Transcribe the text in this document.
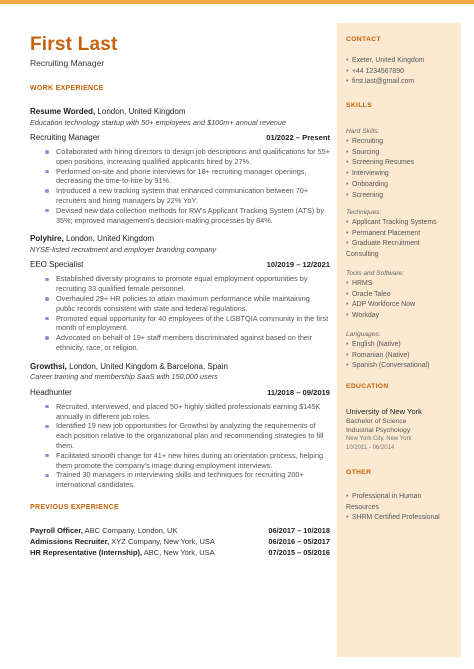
First Last
Recruiting Manager
WORK EXPERIENCE
Resume Worded, London, United Kingdom
Education technology startup with 50+ employees and $100m+ annual revenue
Recruiting Manager	01/2022 – Present
Collaborated with hiring directors to design job descriptions and qualifications for 55+ open positions, increasing qualified applicants hired by 27%.
Performed on-site and phone interviews for 18+ recruiting manager openings, decreasing the time-to-hire by 91%.
Introduced a new tracking system that enhanced communication between 70+ recruiters and hiring managers by 22% YoY.
Devised new data collection methods for RW's Applicant Tracking System (ATS) by 35%; improved management's decision-making processes by 84%.
Polyhire, London, United Kingdom
NYSE-listed recruitment and employer branding company
EEO Specialist	10/2019 – 12/2021
Established diversity programs to promote equal employment opportunities by recruiting 33 qualified female personnel.
Overhauled 29+ HR policies to attain maximum performance while maintaining public records consistent with state and federal regulations.
Promoted equal opportunity for 40 employees of the LGBTQIA community in the first month of employment.
Advocated on behalf of 19+ staff members discriminated against based on their ethnicity, race, or religion.
Growthsi, London, United Kingdom & Barcelona, Spain
Career training and membership SaaS with 150,000 users
Headhunter	11/2018 – 09/2019
Recruited, interviewed, and placed 50+ highly skilled professionals earning $145K annually in different job roles.
Identified 19 new job opportunities for Growthsi by analyzing the requirements of each position relative to the organizational plan and recommending strategies to fill them.
Facilitated smooth change for 41+ new hires during an orientation process, helping them promote the company's image during employment interviews.
Trained 30 managers in interviewing skills and techniques for recruiting 200+ international candidates.
PREVIOUS EXPERIENCE
Payroll Officer, ABC Company, London, UK	06/2017 – 10/2018
Admissions Recruiter, XYZ Company, New York, USA	06/2016 – 05/2017
HR Representative (Internship), ABC, New York, USA	07/2015 – 05/2016
CONTACT
• Exeter, United Kingdom
• +44 1234567890
• first.last@gmail.com
SKILLS
Hard Skills:
• Recruiting
• Sourcing
• Screening Resumes
• Interviewing
• Onboarding
• Screening
Techniques:
• Applicant Tracking Systems
• Permanent Placement
• Graduate Recruitment
Consulting
Tools and Software:
• HRMS
• Oracle Taleo
• ADP Workforce Now
• Workday
Languages:
• English (Native)
• Romanian (Native)
• Spanish (Conversational)
EDUCATION
University of New York
Bachelor of Science
Industrial Psychology
New York City, New York
10/2011 - 06/2014
OTHER
• Professional in Human
Resources
• SHRM Certified Professional
